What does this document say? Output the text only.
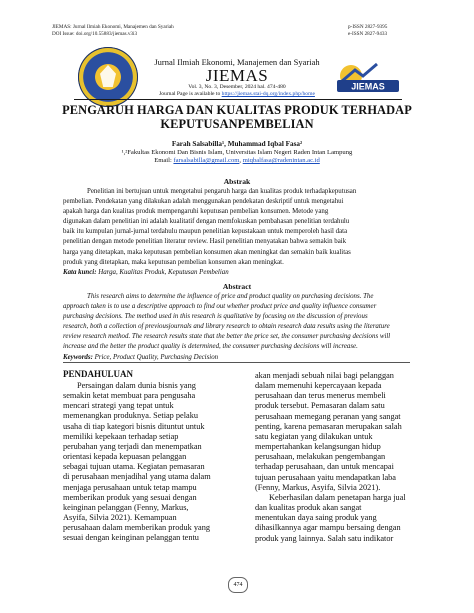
JIEMAS: Jurnal Ilmiah Ekonomi, Manajemen dan Syariah
DOI Issue: doi.org/10.55883/jiemas.v3i3
p-ISSN 2827-9395
e-ISSN 2827-9433
JIEMAS
Jurnal Ilmiah Ekonomi, Manajemen dan Syariah
JIEMAS
Vol. 3, No. 3, Desember, 2024 hal. 474-480
Journal Page is available to https://jiemas.stai-dq.org/index.php/home
PENGARUH HARGA DAN KUALITAS PRODUK TERHADAP
KEPUTUSANPEMBELIAN
Farah Salsabilla¹, Muhammad Iqbal Fasa²
¹,²Fakultas Ekonomi Dan Bisnis Islam, Universitas Islam Negeri Raden Intan Lampung
Email: farsalsabilla@gmail.com, miqbalfasa@radenintan.ac.id
Abstrak
Penelitian ini bertujuan untuk mengetahui pengaruh harga dan kualitas produk terhadapkeputusan
pembelian. Pendekatan yang dilakukan adalah menggunakan pendekatan deskriptif untuk mengetahui
apakah harga dan kualitas produk mempengaruhi keputusan pembelian konsumen. Metode yang
digunakan dalam penelitian ini adalah kualitatif dengan memfokuskan pembahasan penelitian terdahulu
baik itu kumpulan jurnal-jurnal terdahulu maupun penelitian kepustakaan untuk memperoleh hasil data
penelitian dengan metode penelitian literatur review. Hasil penelitian menyatakan bahwa semakin baik
harga yang ditetapkan, maka keputusan pembelian konsumen akan meningkat dan semakin baik kualitas
produk yang ditetapkan, maka keputusan pembelian konsumen akan meningkat.
Kata kunci: Harga, Kualitas Produk, Keputusan Pembelian
Abstract
This research aims to determine the influence of price and product quality on purchasing decisions. The
approach taken is to use a descriptive approach to find out whether product price and quality influence consumer
purchasing decisions. The method used in this research is qualitative by focusing on the discussion of previous
research, both a collection of previousjournals and library research to obtain research data results using the literature
review research method. The research results state that the better the price set, the consumer purchasing decisions will
increase and the better the product quality is determined, the consumer purchasing decisions will increase.
Keywords: Price, Product Quality, Purchasing Decision
PENDAHULUAN
Persaingan dalam dunia bisnis yang
semakin ketat membuat para pengusaha
mencari strategi yang tepat untuk
memenangkan produknya. Setiap pelaku
usaha di tiap kategori bisnis dituntut untuk
memiliki kepekaan terhadap setiap
perubahan yang terjadi dan menempatkan
orientasi kepada kepuasan pelanggan
sebagai tujuan utama. Kegiatan pemasaran
di perusahaan menjadihal yang utama dalam
menjaga perusahaan untuk tetap mampu
memberikan produk yang sesuai dengan
keinginan pelanggan (Fenny, Markus,
Asyifa, Silvia 2021). Kemampuan
perusahaan dalam memberikan produk yang
sesuai dengan keinginan pelanggan tentu
akan menjadi sebuah nilai bagi pelanggan
dalam memenuhi kepercayaan kepada
perusahaan dan terus menerus membeli
produk tersebut. Pemasaran dalam satu
perusahaan memegang peranan yang sangat
penting, karena pemasaran merupakan salah
satu kegiatan yang dilakukan untuk
mempertahankan kelangsungan hidup
perusahaan, melakukan pengembangan
terhadap perusahaan, dan untuk mencapai
tujuan perusahaan yaitu mendapatkan laba
(Fenny, Markus, Asyifa, Silvia 2021).
Keberhasilan dalam penetapan harga jual
dan kualitas produk akan sangat
menentukan daya saing produk yang
dihasilkannya agar mampu bersaing dengan
produk yang lainnya. Salah satu indikator
474
